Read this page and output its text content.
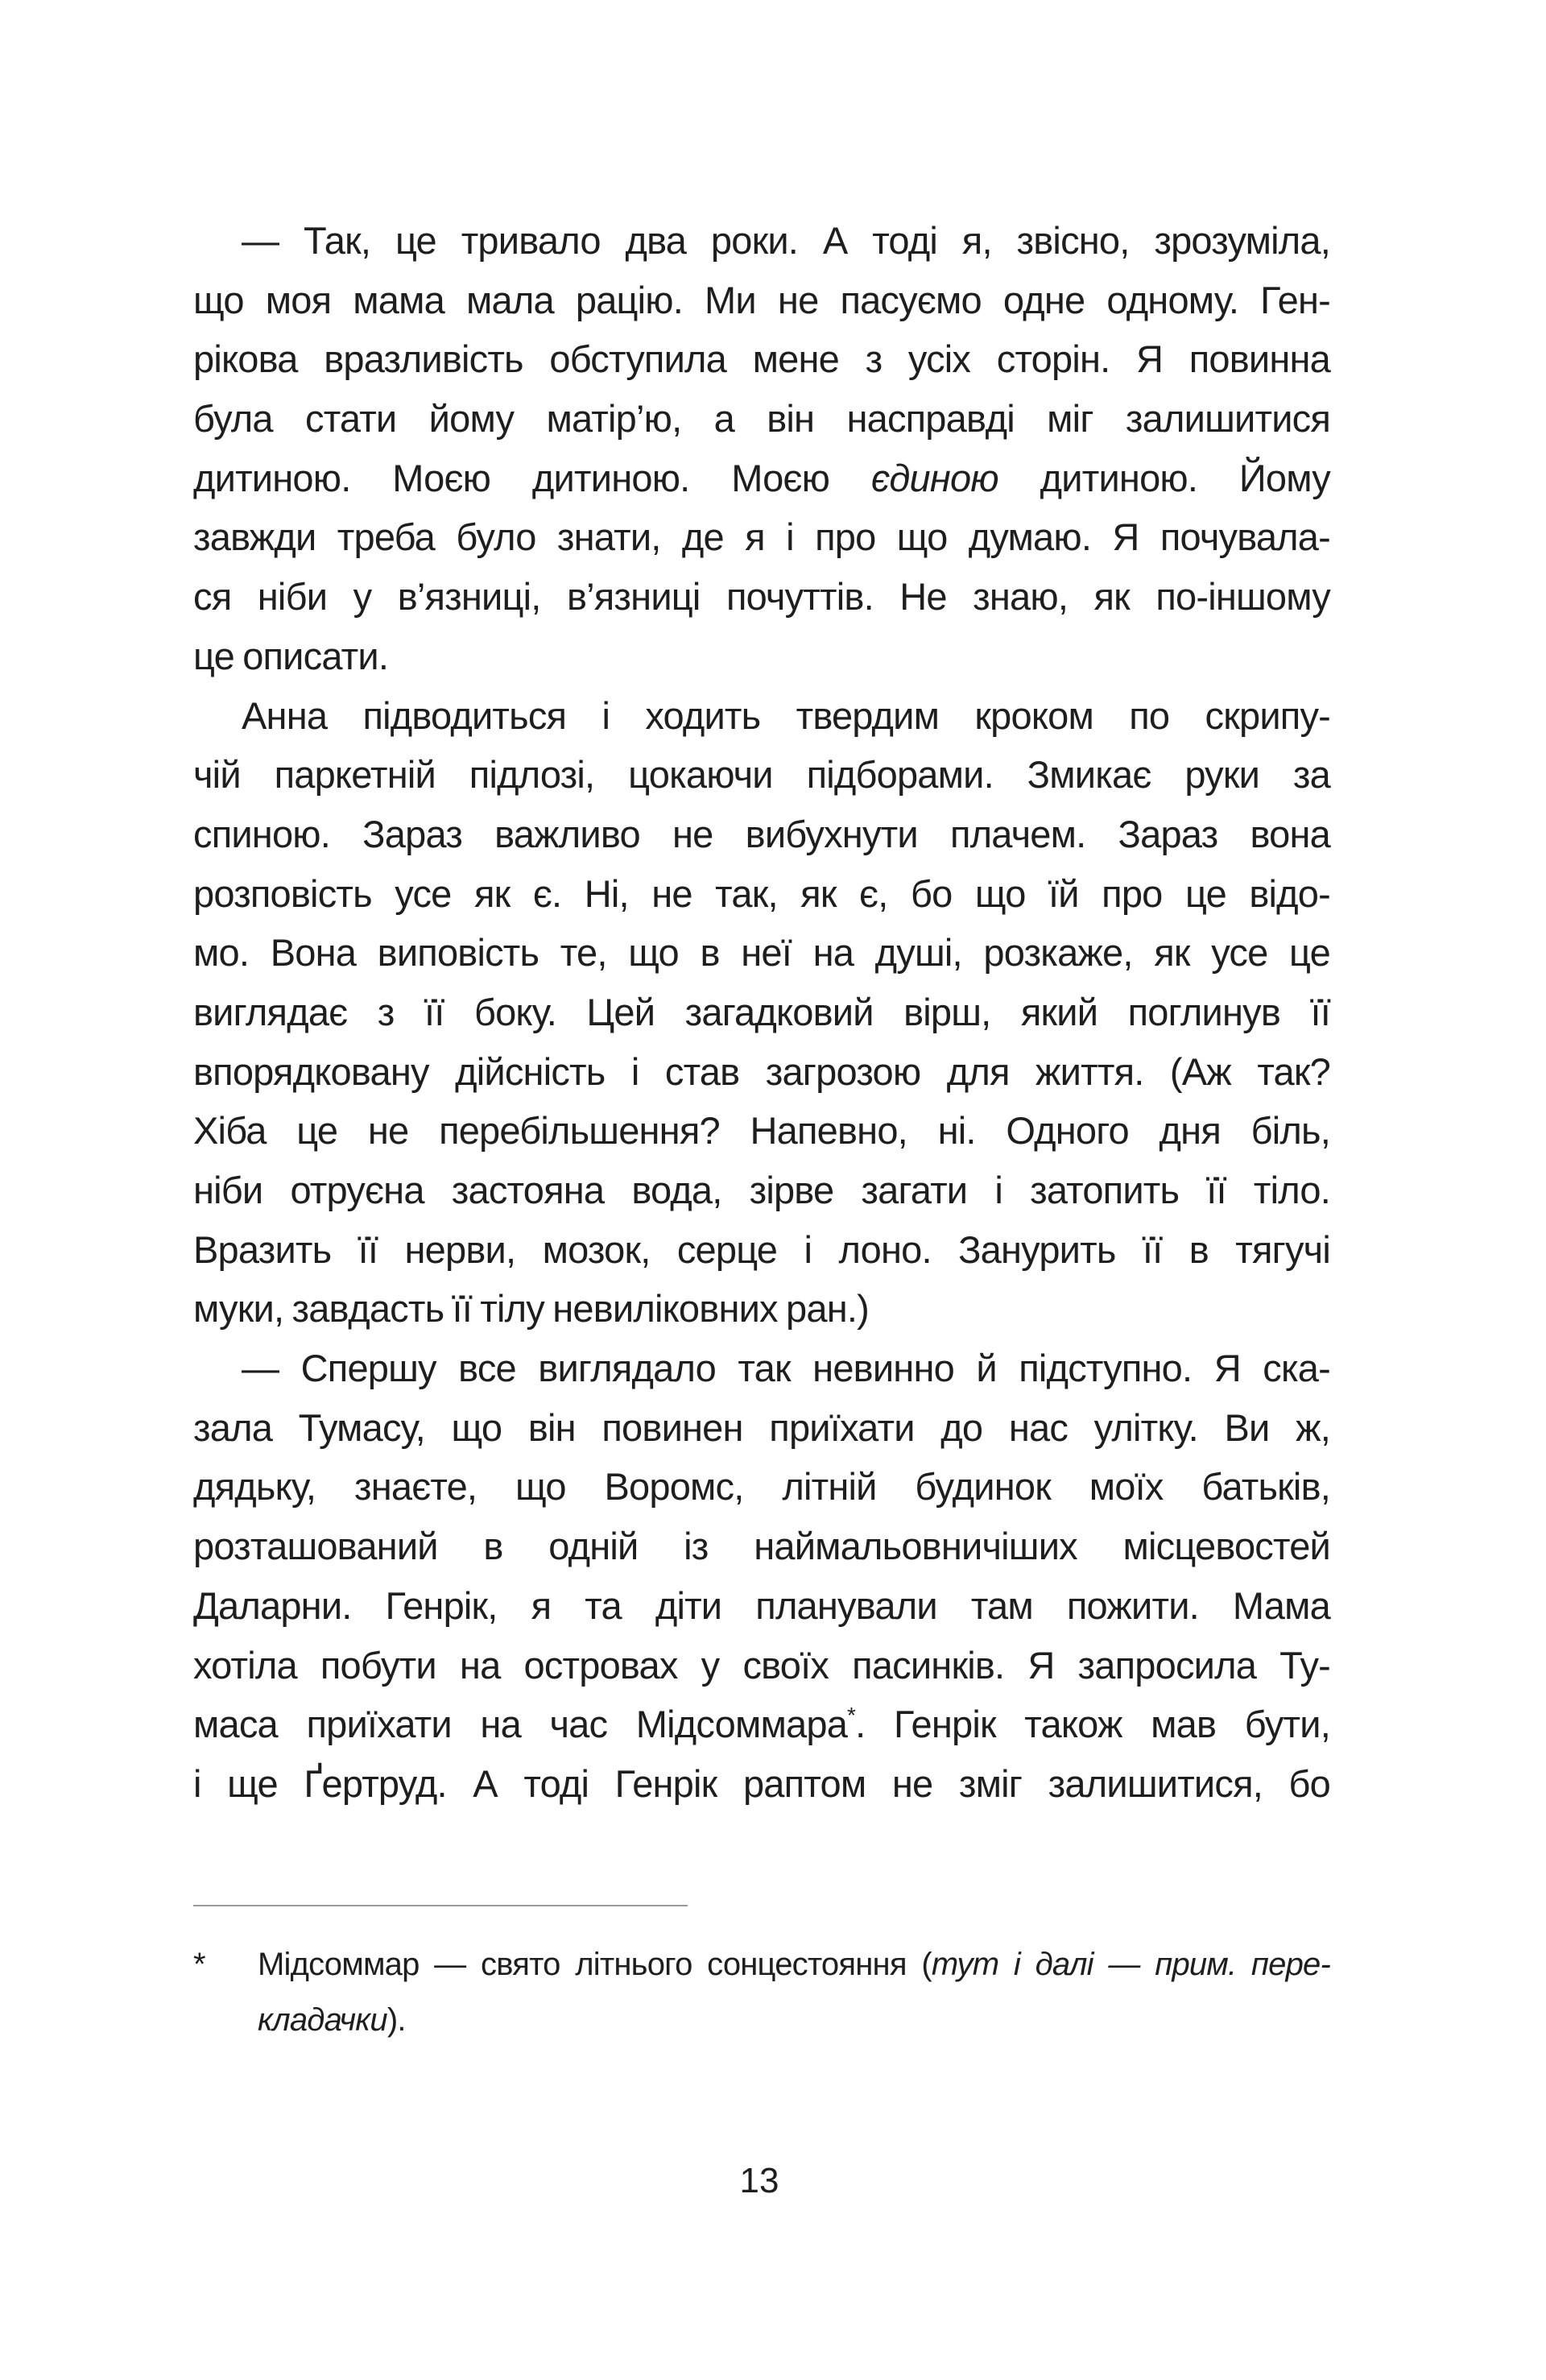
— Так, це тривало два роки. А тоді я, звісно, зрозуміла,
що моя мама мала рацію. Ми не пасуємо одне одному. Ген-
рікова вразливість обступила мене з усіх сторін. Я повинна
була стати йому матір’ю, а він насправді міг залишитися
дитиною. Моєю дитиною. Моєю єдиною дитиною. Йому
завжди треба було знати, де я і про що думаю. Я почувала-
ся ніби у в’язниці, в’язниці почуттів. Не знаю, як по-іншому
це описати.
Анна підводиться і ходить твердим кроком по скрипу-
чій паркетній підлозі, цокаючи підборами. Змикає руки за
спиною. Зараз важливо не вибухнути плачем. Зараз вона
розповість усе як є. Ні, не так, як є, бо що їй про це відо-
мо. Вона виповість те, що в неї на душі, розкаже, як усе це
виглядає з її боку. Цей загадковий вірш, який поглинув її
впорядковану дійсність і став загрозою для життя. (Аж так?
Хіба це не перебільшення? Напевно, ні. Одного дня біль,
ніби отруєна застояна вода, зірве загати і затопить її тіло.
Вразить її нерви, мозок, серце і лоно. Занурить її в тягучі
муки, завдасть її тілу невиліковних ран.)
— Спершу все виглядало так невинно й підступно. Я ска-
зала Тумасу, що він повинен приїхати до нас улітку. Ви ж,
дядьку, знаєте, що Воромс, літній будинок моїх батьків,
розташований в одній із наймальовничіших місцевостей
Даларни. Генрік, я та діти планували там пожити. Мама
хотіла побути на островах у своїх пасинків. Я запросила Ту-
маса приїхати на час Мідсоммара*. Генрік також мав бути,
і ще Ґертруд. А тоді Генрік раптом не зміг залишитися, бо
* Мідсоммар — свято літнього сонцестояння (тут і далі — прим. пере-
кладачки).
13
